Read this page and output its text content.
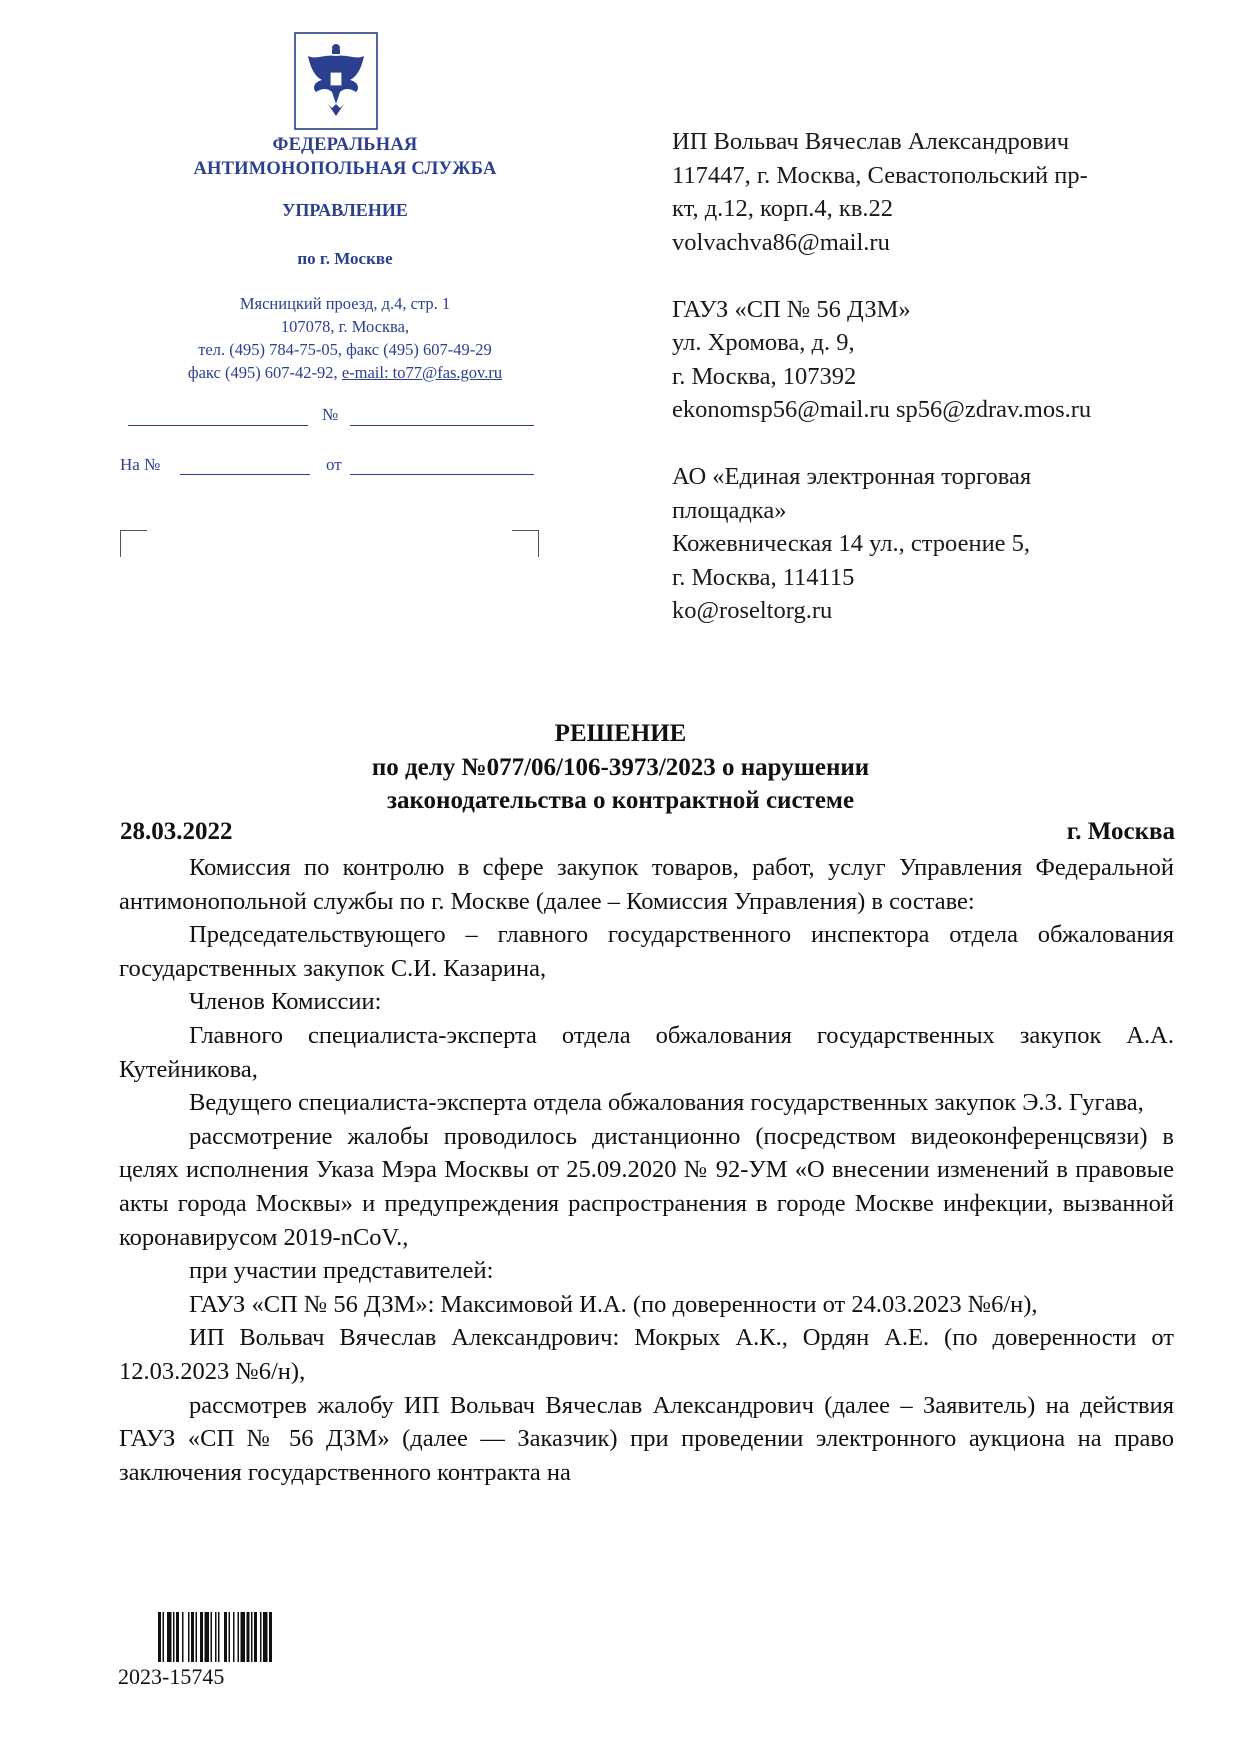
ФЕДЕРАЛЬНАЯ
АНТИМОНОПОЛЬНАЯ СЛУЖБА
УПРАВЛЕНИЕ
по г. Москве
Мясницкий проезд, д.4, стр. 1
107078, г. Москва,
тел. (495) 784-75-05, факс (495) 607-49-29
факс (495) 607-42-92, e-mail: to77@fas.gov.ru
№
На №	от
ИП Вольвач Вячеслав Александрович
117447, г. Москва, Севастопольский пр-
кт, д.12, корп.4, кв.22
volvachva86@mail.ru
ГАУЗ «СП № 56 ДЗМ»
ул. Хромова, д. 9,
г. Москва, 107392
ekonomsp56@mail.ru sp56@zdrav.mos.ru
АО «Единая электронная торговая
площадка»
Кожевническая 14 ул., строение 5,
г. Москва, 114115
ko@roseltorg.ru
РЕШЕНИЕ
по делу №077/06/106-3973/2023 о нарушении
законодательства о контрактной системе
28.03.2022	г. Москва

Комиссия по контролю в сфере закупок товаров, работ, услуг Управления Федеральной антимонопольной службы по г. Москве (далее – Комиссия Управления) в составе:

Председательствующего – главного государственного инспектора отдела обжалования государственных закупок С.И. Казарина,

Членов Комиссии:

Главного специалиста-эксперта отдела обжалования государственных закупок А.А. Кутейникова,

Ведущего специалиста-эксперта отдела обжалования государственных закупок Э.З. Гугава,

рассмотрение жалобы проводилось дистанционно (посредством видеоконференцсвязи) в целях исполнения Указа Мэра Москвы от 25.09.2020 № 92-УМ «О внесении изменений в правовые акты города Москвы» и предупреждения распространения в городе Москве инфекции, вызванной коронавирусом 2019-nCoV.,

при участии представителей:

ГАУЗ «СП № 56 ДЗМ»: Максимовой И.А. (по доверенности от 24.03.2023 №6/н),

ИП Вольвач Вячеслав Александрович: Мокрых А.К., Ордян А.Е. (по доверенности от 12.03.2023 №6/н),

рассмотрев жалобу ИП Вольвач Вячеслав Александрович (далее – Заявитель) на действия ГАУЗ «СП № 56 ДЗМ» (далее — Заказчик) при проведении электронного аукциона на право заключения государственного контракта на

2023-15745
